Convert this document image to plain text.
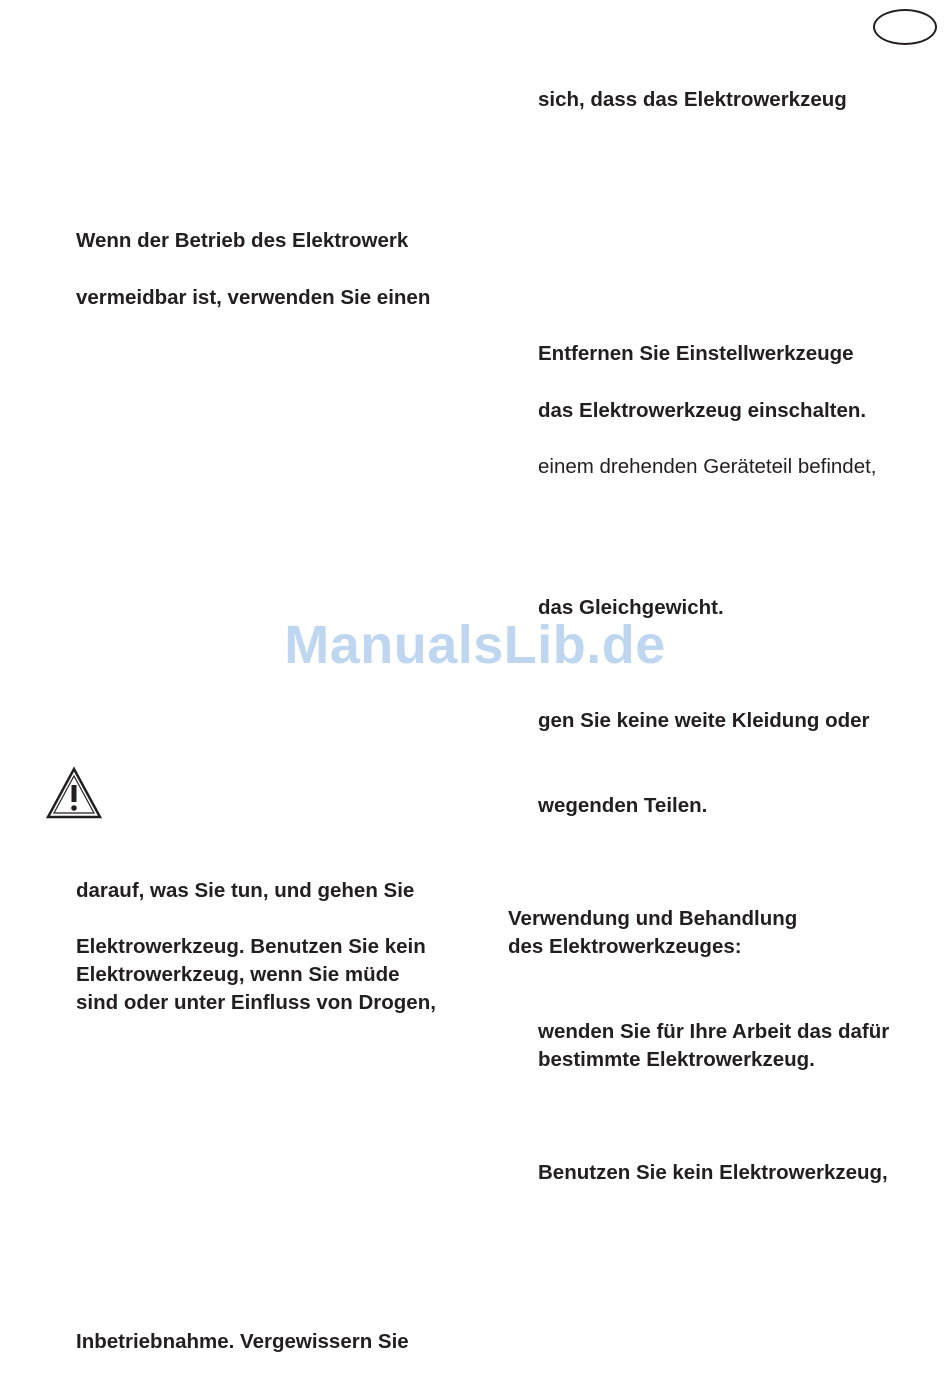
ManualsLib.de
Wenn der Betrieb des Elektrowerk
vermeidbar ist, verwenden Sie einen
darauf, was Sie tun, und gehen Sie
Elektrowerkzeug. Benutzen Sie kein
Elektrowerkzeug, wenn Sie müde
sind oder unter Einfluss von Drogen,
Inbetriebnahme. Vergewissern Sie
sich, dass das Elektrowerkzeug
Entfernen Sie Einstellwerkzeuge
das Elektrowerkzeug einschalten.
einem drehenden Geräteteil befindet,
das Gleichgewicht.
gen Sie keine weite Kleidung oder
wegenden Teilen.
Verwendung und Behandlung
des Elektrowerkzeuges:
wenden Sie für Ihre Arbeit das dafür
bestimmte Elektrowerkzeug.
Benutzen Sie kein Elektrowerkzeug,
